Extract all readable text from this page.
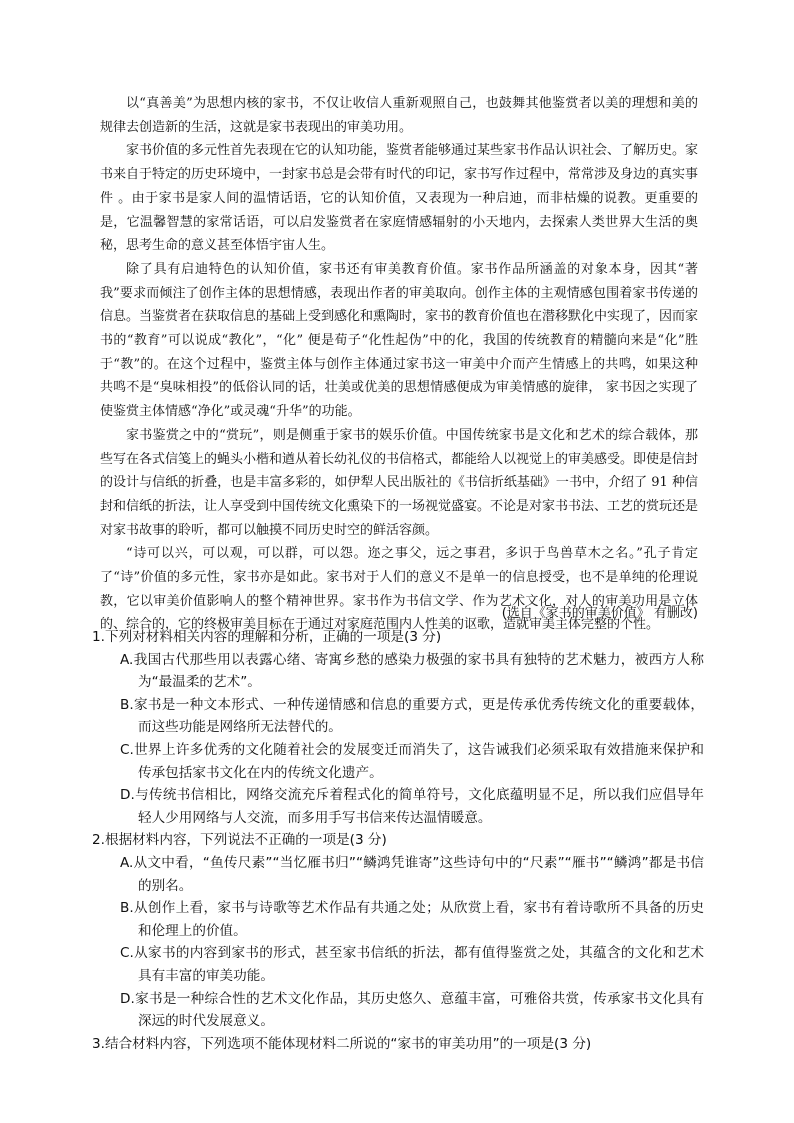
以“真善美”为思想内核的家书，不仅让收信人重新观照自己，也鼓舞其他鉴赏者以美的理想和美的规律去创造新的生活，这就是家书表现出的审美功用。

家书价值的多元性首先表现在它的认知功能，鉴赏者能够通过某些家书作品认识社会、了解历史。家书来自于特定的历史环境中，一封家书总是会带有时代的印记，家书写作过程中，常常涉及身边的真实事件 。由于家书是家人间的温情话语，它的认知价值，又表现为一种启迪，而非枯燥的说教。更重要的是，它温馨智慧的家常话语，可以启发鉴赏者在家庭情感辐射的小天地内，去探索人类世界大生活的奥秘，思考生命的意义甚至体悟宇宙人生。

除了具有启迪特色的认知价值，家书还有审美教育价值。家书作品所涵盖的对象本身，因其“著我”要求而倾注了创作主体的思想情感，表现出作者的审美取向。创作主体的主观情感包围着家书传递的信息。当鉴赏者在获取信息的基础上受到感化和熏陶时，家书的教育价值也在潜移默化中实现了，因而家书的“教育”可以说成“教化”，“化” 便是荀子“化性起伪”中的化，我国的传统教育的精髓向来是“化”胜于“教”的。在这个过程中，鉴赏主体与创作主体通过家书这一审美中介而产生情感上的共鸣，如果这种共鸣不是“臭味相投”的低俗认同的话，壮美或优美的思想情感便成为审美情感的旋律， 家书因之实现了使鉴赏主体情感“净化”或灵魂“升华”的功能。

家书鉴赏之中的“赏玩”，则是侧重于家书的娱乐价值。中国传统家书是文化和艺术的综合载体，那些写在各式信笺上的蝇头小楷和遒从着长幼礼仪的书信格式，都能给人以视觉上的审美感受。即使是信封的设计与信纸的折叠，也是丰富多彩的，如伊犁人民出版社的《书信折纸基础》一书中，介绍了 91 种信封和信纸的折法，让人享受到中国传统文化熏染下的一场视觉盛宴。不论是对家书书法、工艺的赏玩还是对家书故事的聆听，都可以触摸不同历史时空的鲜活容颜。

“诗可以兴，可以观，可以群，可以怨。迩之事父，远之事君，多识于鸟兽草木之名。”孔子肯定了“诗”价值的多元性，家书亦是如此。家书对于人们的意义不是单一的信息授受，也不是单纯的伦理说教，它以审美价值影响人的整个精神世界。家书作为书信文学、作为艺术文化，对人的审美功用是立体的、综合的，它的终极审美目标在于通过对家庭范围内人性美的讴歌，造就审美主体完整的个性。

(选自《家书的审美价值》 有删改)

1.下列对材料相关内容的理解和分析，正确的一项是(3 分)

A.我国古代那些用以表露心绪、寄寓乡愁的感染力极强的家书具有独特的艺术魅力，被西方人称为“最温柔的艺术”。

B.家书是一种文本形式、一种传递情感和信息的重要方式，更是传承优秀传统文化的重要载体，而这些功能是网络所无法替代的。

C.世界上许多优秀的文化随着社会的发展变迁而消失了，这告诫我们必须采取有效措施来保护和传承包括家书文化在内的传统文化遗产。

D.与传统书信相比，网络交流充斥着程式化的简单符号，文化底蕴明显不足，所以我们应倡导年轻人少用网络与人交流，而多用手写书信来传达温情暖意。

2.根据材料内容，下列说法不正确的一项是(3 分)

A.从文中看，“鱼传尺素”“当忆雁书归”“鳞鸿凭谁寄”这些诗句中的“尺素”“雁书”“鳞鸿”都是书信的别名。

B.从创作上看，家书与诗歌等艺术作品有共通之处；从欣赏上看，家书有着诗歌所不具备的历史和伦理上的价值。

C.从家书的内容到家书的形式，甚至家书信纸的折法，都有值得鉴赏之处，其蕴含的文化和艺术具有丰富的审美功能。

D.家书是一种综合性的艺术文化作品，其历史悠久、意蕴丰富，可雅俗共赏，传承家书文化具有深远的时代发展意义。

3.结合材料内容，下列选项不能体现材料二所说的“家书的审美功用”的一项是(3 分)
